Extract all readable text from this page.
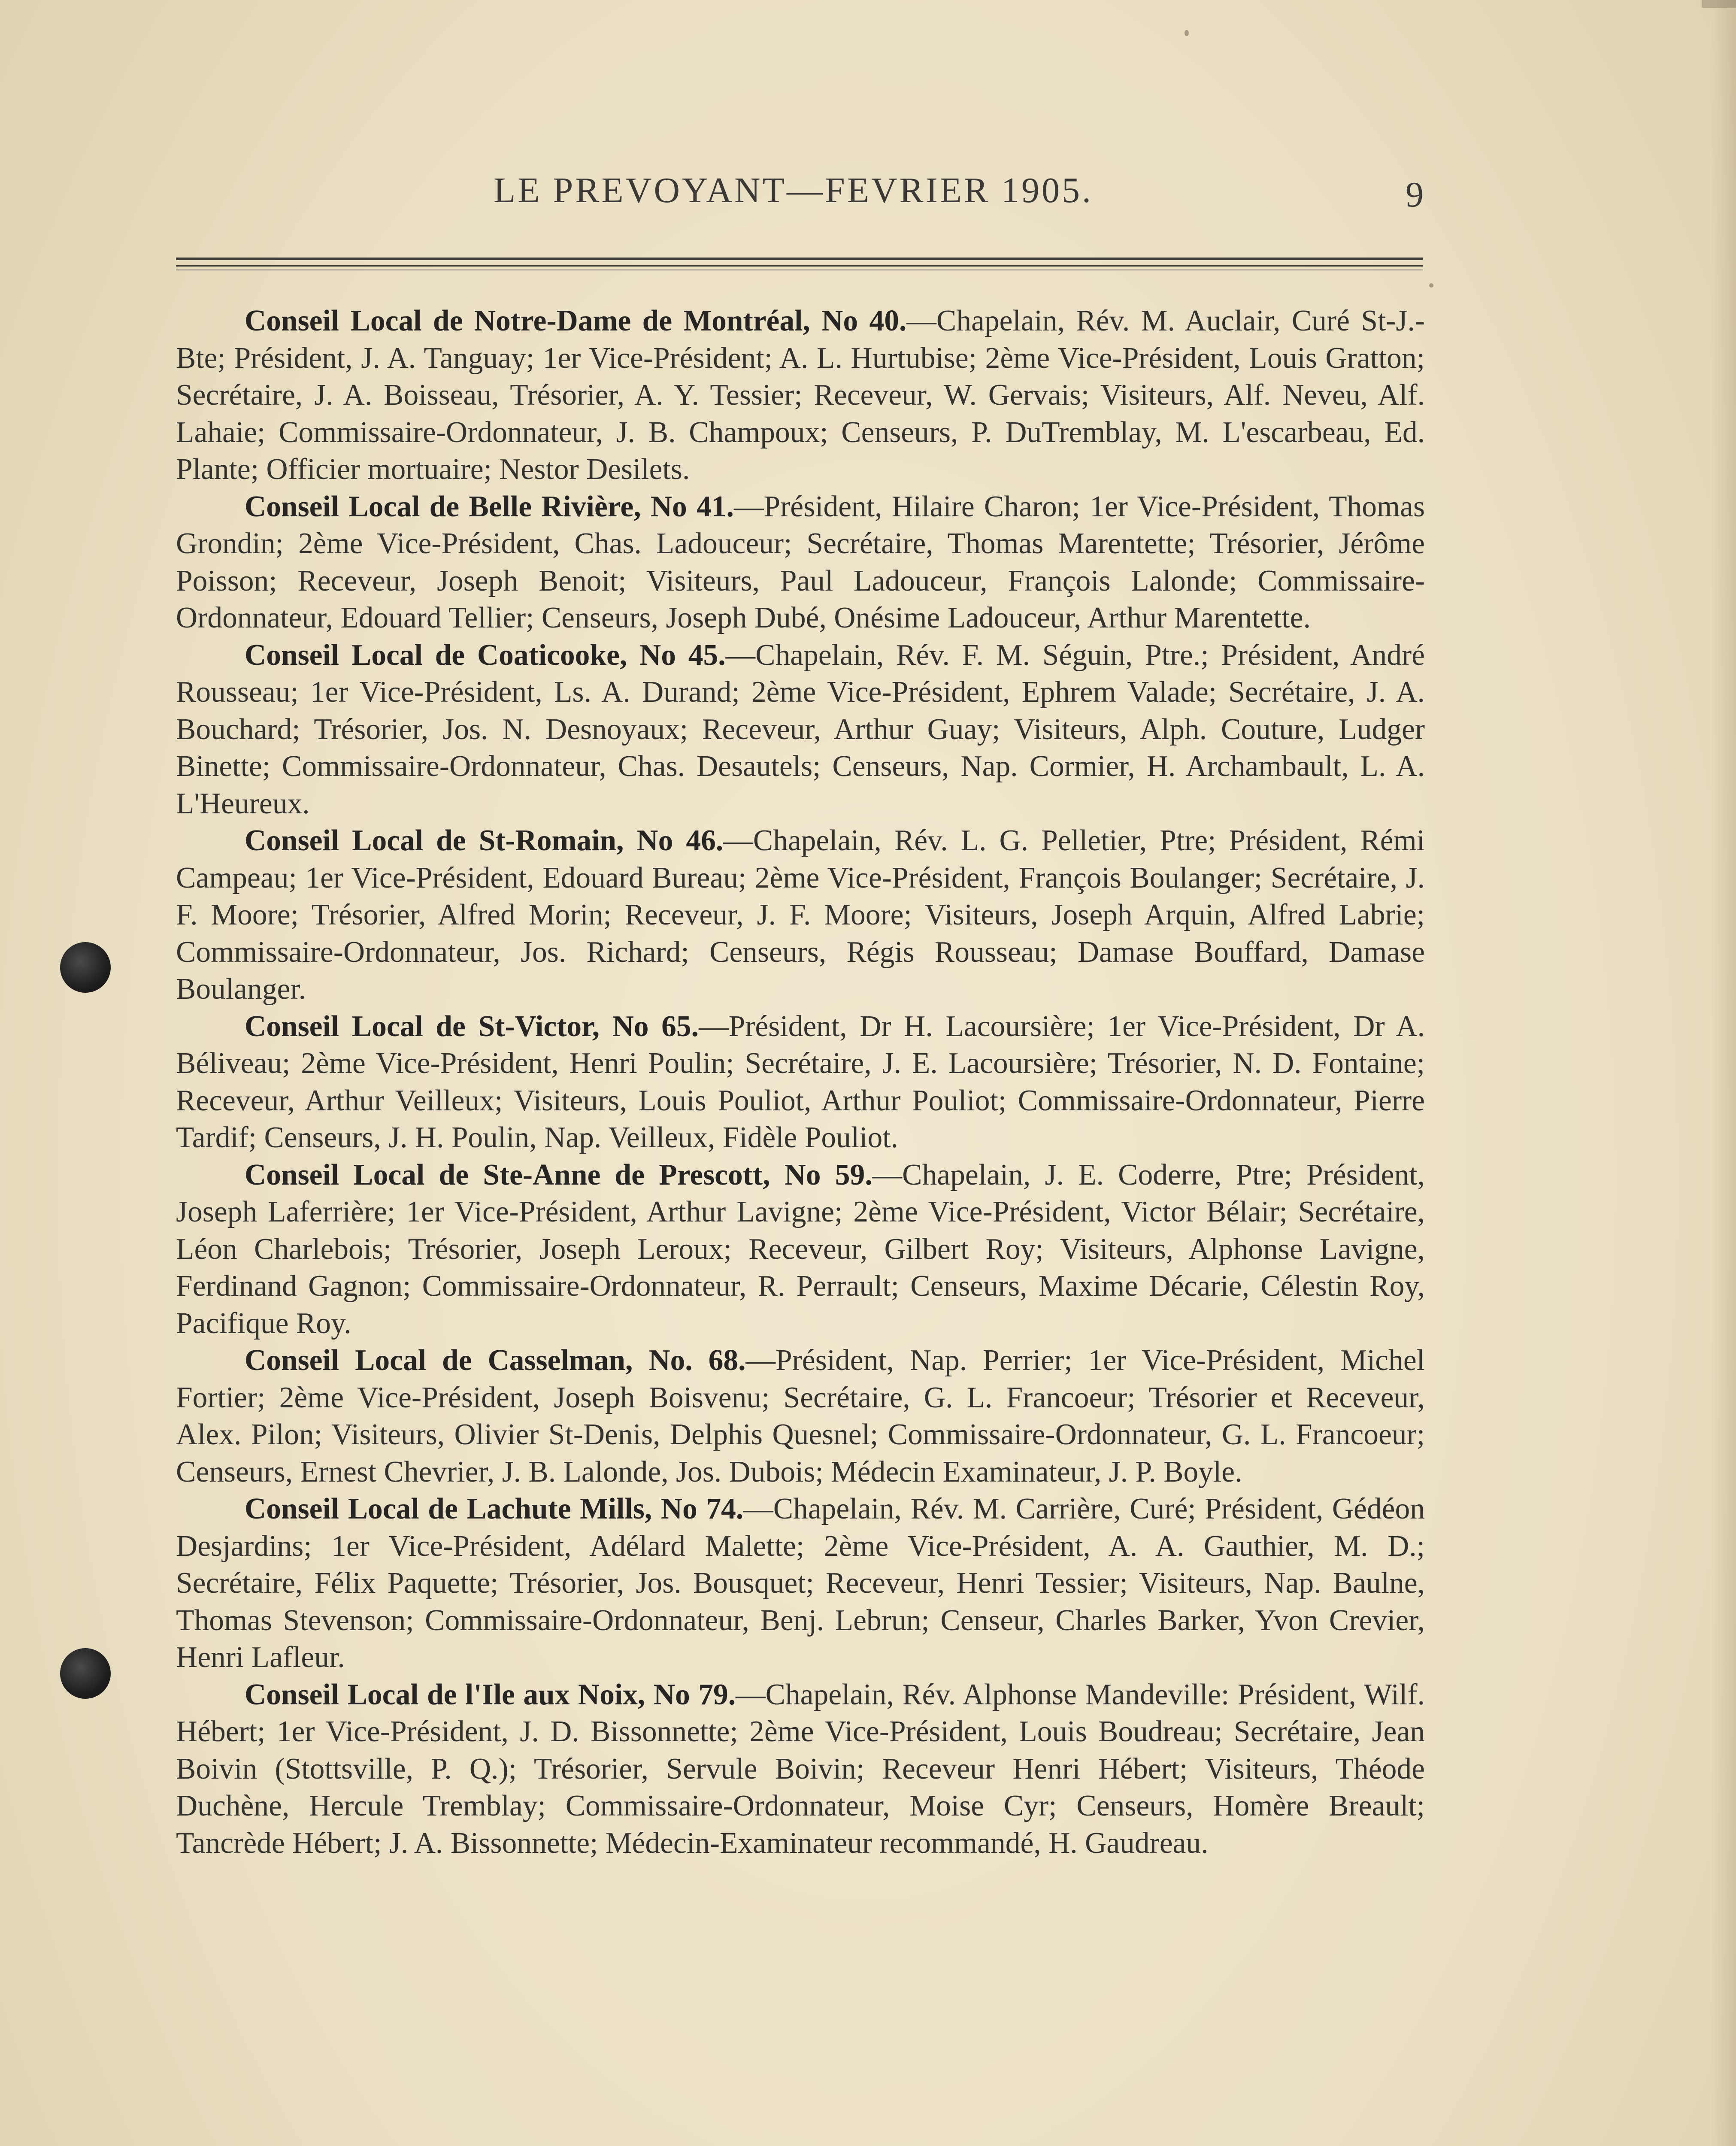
LE PREVOYANT—FEVRIER 1905.	9

Conseil Local de Notre-Dame de Montréal, No 40.—Chapelain, Rév. M. Auclair, Curé St-J.-Bte; Président, J. A. Tanguay; 1er Vice-Président; A. L. Hurtubise; 2ème Vice-Président, Louis Gratton; Secrétaire, J. A. Boisseau, Trésorier, A. Y. Tessier; Receveur, W. Gervais; Visiteurs, Alf. Neveu, Alf. Lahaie; Commissaire-Ordonnateur, J. B. Champoux; Censeurs, P. DuTremblay, M. L'escarbeau, Ed. Plante; Officier mortuaire; Nestor Desilets.

Conseil Local de Belle Rivière, No 41.—Président, Hilaire Charon; 1er Vice-Président, Thomas Grondin; 2ème Vice-Président, Chas. Ladouceur; Secrétaire, Thomas Marentette; Trésorier, Jérôme Poisson; Receveur, Joseph Benoit; Visiteurs, Paul Ladouceur, François Lalonde; Commissaire-Ordonnateur, Edouard Tellier; Censeurs, Joseph Dubé, Onésime Ladouceur, Arthur Marentette.

Conseil Local de Coaticooke, No 45.—Chapelain, Rév. F. M. Séguin, Ptre.; Président, André Rousseau; 1er Vice-Président, Ls. A. Durand; 2ème Vice-Président, Ephrem Valade; Secrétaire, J. A. Bouchard; Trésorier, Jos. N. Desnoyaux; Receveur, Arthur Guay; Visiteurs, Alph. Couture, Ludger Binette; Commissaire-Ordonnateur, Chas. Desautels; Censeurs, Nap. Cormier, H. Archambault, L. A. L'Heureux.

Conseil Local de St-Romain, No 46.—Chapelain, Rév. L. G. Pelletier, Ptre; Président, Rémi Campeau; 1er Vice-Président, Edouard Bureau; 2ème Vice-Président, François Boulanger; Secrétaire, J. F. Moore; Trésorier, Alfred Morin; Receveur, J. F. Moore; Visiteurs, Joseph Arquin, Alfred Labrie; Commissaire-Ordonnateur, Jos. Richard; Censeurs, Régis Rousseau; Damase Bouffard, Damase Boulanger.

Conseil Local de St-Victor, No 65.—Président, Dr H. Lacoursière; 1er Vice-Président, Dr A. Béliveau; 2ème Vice-Président, Henri Poulin; Secrétaire, J. E. Lacoursière; Trésorier, N. D. Fontaine; Receveur, Arthur Veilleux; Visiteurs, Louis Pouliot, Arthur Pouliot; Commissaire-Ordonnateur, Pierre Tardif; Censeurs, J. H. Poulin, Nap. Veilleux, Fidèle Pouliot.

Conseil Local de Ste-Anne de Prescott, No 59.—Chapelain, J. E. Coderre, Ptre; Président, Joseph Laferrière; 1er Vice-Président, Arthur Lavigne; 2ème Vice-Président, Victor Bélair; Secrétaire, Léon Charlebois; Trésorier, Joseph Leroux; Receveur, Gilbert Roy; Visiteurs, Alphonse Lavigne, Ferdinand Gagnon; Commissaire-Ordonnateur, R. Perrault; Censeurs, Maxime Décarie, Célestin Roy, Pacifique Roy.

Conseil Local de Casselman, No. 68.—Président, Nap. Perrier; 1er Vice-Président, Michel Fortier; 2ème Vice-Président, Joseph Boisvenu; Secrétaire, G. L. Francoeur; Trésorier et Receveur, Alex. Pilon; Visiteurs, Olivier St-Denis, Delphis Quesnel; Commissaire-Ordonnateur, G. L. Francoeur; Censeurs, Ernest Chevrier, J. B. Lalonde, Jos. Dubois; Médecin Examinateur, J. P. Boyle.

Conseil Local de Lachute Mills, No 74.—Chapelain, Rév. M. Carrière, Curé; Président, Gédéon Desjardins; 1er Vice-Président, Adélard Malette; 2ème Vice-Président, A. A. Gauthier, M. D.; Secrétaire, Félix Paquette; Trésorier, Jos. Bousquet; Receveur, Henri Tessier; Visiteurs, Nap. Baulne, Thomas Stevenson; Commissaire-Ordonnateur, Benj. Lebrun; Censeur, Charles Barker, Yvon Crevier, Henri Lafleur.

Conseil Local de l'Ile aux Noix, No 79.—Chapelain, Rév. Alphonse Mandeville: Président, Wilf. Hébert; 1er Vice-Président, J. D. Bissonnette; 2ème Vice-Président, Louis Boudreau; Secrétaire, Jean Boivin (Stottsville, P. Q.); Trésorier, Servule Boivin; Receveur Henri Hébert; Visiteurs, Théode Duchène, Hercule Tremblay; Commissaire-Ordonnateur, Moise Cyr; Censeurs, Homère Breault; Tancrède Hébert; J. A. Bissonnette; Médecin-Examinateur recommandé, H. Gaudreau.
